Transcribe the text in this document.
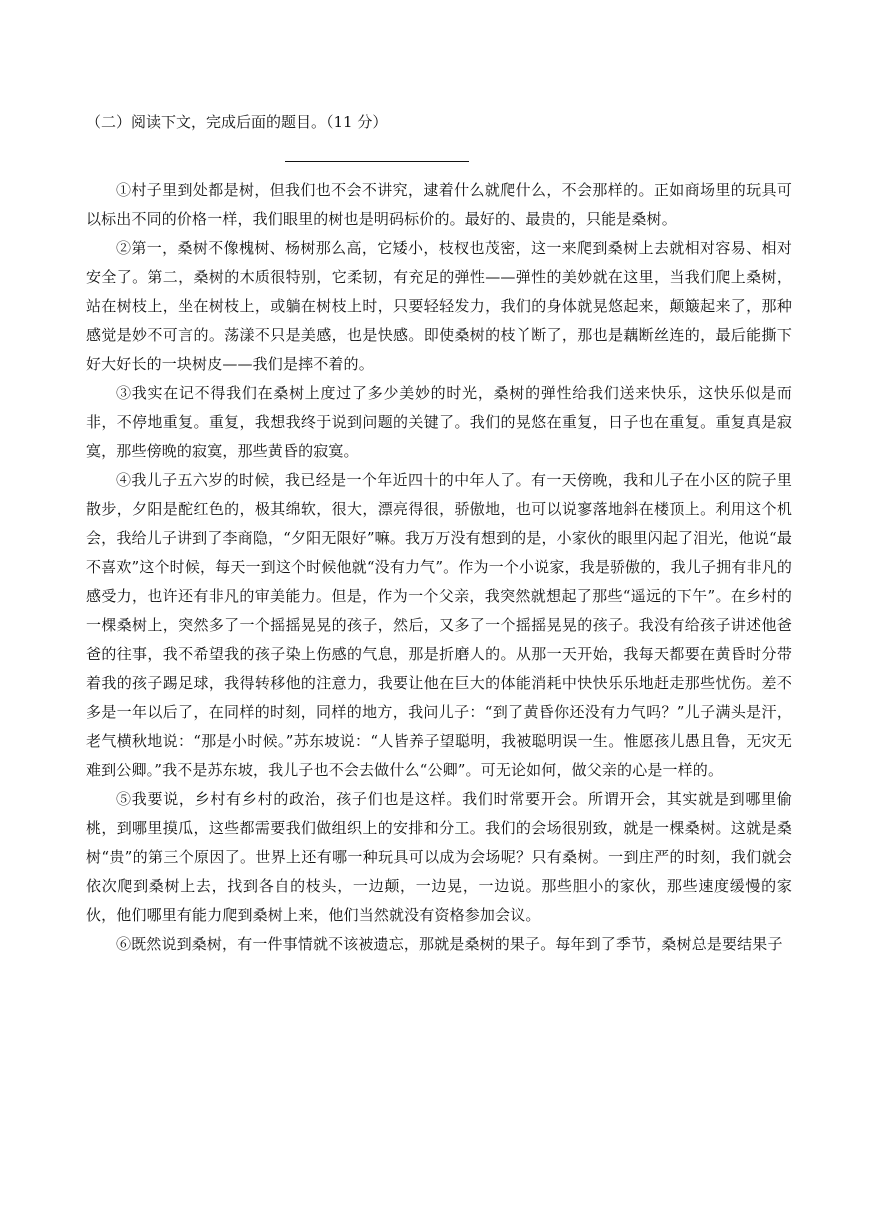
（二）阅读下文，完成后面的题目。（11 分）

①村子里到处都是树，但我们也不会不讲究，逮着什么就爬什么，不会那样的。正如商场里的玩具可以标出不同的价格一样，我们眼里的树也是明码标价的。最好的、最贵的，只能是桑树。

②第一，桑树不像槐树、杨树那么高，它矮小，枝杈也茂密，这一来爬到桑树上去就相对容易、相对安全了。第二，桑树的木质很特别，它柔韧，有充足的弹性——弹性的美妙就在这里，当我们爬上桑树，站在树枝上，坐在树枝上，或躺在树枝上时，只要轻轻发力，我们的身体就晃悠起来，颠簸起来了，那种感觉是妙不可言的。荡漾不只是美感，也是快感。即使桑树的枝丫断了，那也是藕断丝连的，最后能撕下好大好长的一块树皮——我们是摔不着的。

③我实在记不得我们在桑树上度过了多少美妙的时光，桑树的弹性给我们送来快乐，这快乐似是而非，不停地重复。重复，我想我终于说到问题的关键了。我们的晃悠在重复，日子也在重复。重复真是寂寞，那些傍晚的寂寞，那些黄昏的寂寞。

④我儿子五六岁的时候，我已经是一个年近四十的中年人了。有一天傍晚，我和儿子在小区的院子里散步，夕阳是酡红色的，极其绵软，很大，漂亮得很，骄傲地，也可以说寥落地斜在楼顶上。利用这个机会，我给儿子讲到了李商隐，“夕阳无限好”嘛。我万万没有想到的是，小家伙的眼里闪起了泪光，他说“最不喜欢”这个时候，每天一到这个时候他就“没有力气”。作为一个小说家，我是骄傲的，我儿子拥有非凡的感受力，也许还有非凡的审美能力。但是，作为一个父亲，我突然就想起了那些“遥远的下午”。在乡村的一棵桑树上，突然多了一个摇摇晃晃的孩子，然后，又多了一个摇摇晃晃的孩子。我没有给孩子讲述他爸爸的往事，我不希望我的孩子染上伤感的气息，那是折磨人的。从那一天开始，我每天都要在黄昏时分带着我的孩子踢足球，我得转移他的注意力，我要让他在巨大的体能消耗中快快乐乐地赶走那些忧伤。差不多是一年以后了，在同样的时刻，同样的地方，我问儿子：“到了黄昏你还没有力气吗？”儿子满头是汗，老气横秋地说：“那是小时候。”苏东坡说：“人皆养子望聪明，我被聪明误一生。惟愿孩儿愚且鲁，无灾无难到公卿。”我不是苏东坡，我儿子也不会去做什么“公卿”。可无论如何，做父亲的心是一样的。

⑤我要说，乡村有乡村的政治，孩子们也是这样。我们时常要开会。所谓开会，其实就是到哪里偷桃，到哪里摸瓜，这些都需要我们做组织上的安排和分工。我们的会场很别致，就是一棵桑树。这就是桑树“贵”的第三个原因了。世界上还有哪一种玩具可以成为会场呢？只有桑树。一到庄严的时刻，我们就会依次爬到桑树上去，找到各自的枝头，一边颠，一边晃，一边说。那些胆小的家伙，那些速度缓慢的家伙，他们哪里有能力爬到桑树上来，他们当然就没有资格参加会议。

⑥既然说到桑树，有一件事情就不该被遗忘，那就是桑树的果子。每年到了季节，桑树总是要结果子
